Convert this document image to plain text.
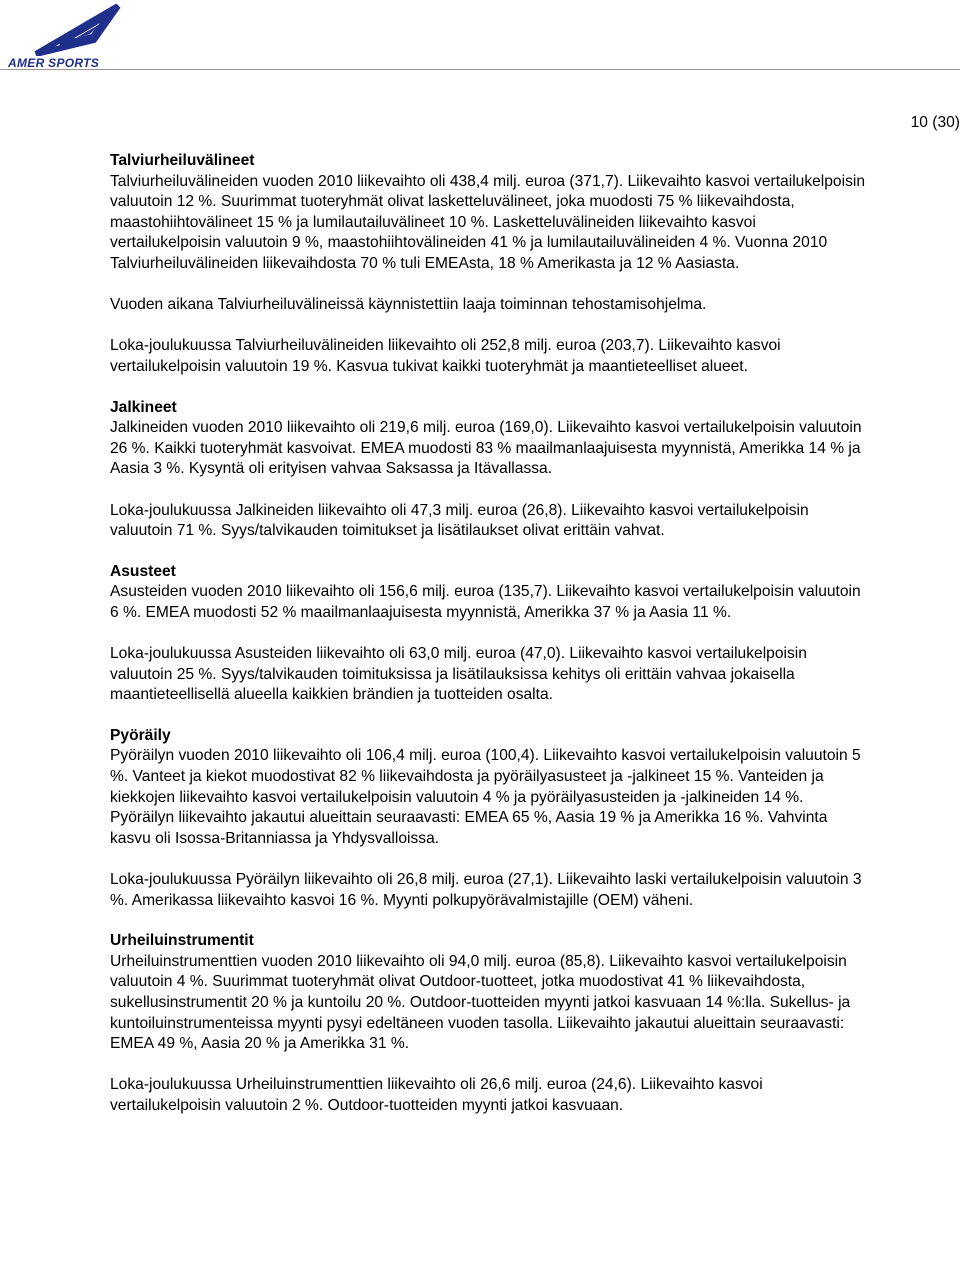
AMER SPORTS
10 (30)
Talviurheiluvälineet

Talviurheiluvälineiden vuoden 2010 liikevaihto oli 438,4 milj. euroa (371,7). Liikevaihto kasvoi vertailukelpoisin valuutoin 12 %. Suurimmat tuoteryhmät olivat lasketteluvälineet, joka muodosti 75 % liikevaihdosta, maastohiihtovälineet 15 % ja lumilautailuvälineet 10 %. Lasketteluvälineiden liikevaihto kasvoi vertailukelpoisin valuutoin 9 %, maastohiihtovälineiden 41 % ja lumilautailuvälineiden 4 %. Vuonna 2010 Talviurheiluvälineiden liikevaihdosta 70 % tuli EMEAsta, 18 % Amerikasta ja 12 % Aasiasta.

Vuoden aikana Talviurheiluvälineissä käynnistettiin laaja toiminnan tehostamisohjelma.

Loka-joulukuussa Talviurheiluvälineiden liikevaihto oli 252,8 milj. euroa (203,7). Liikevaihto kasvoi vertailukelpoisin valuutoin 19 %. Kasvua tukivat kaikki tuoteryhmät ja maantieteelliset alueet.

Jalkineet

Jalkineiden vuoden 2010 liikevaihto oli 219,6 milj. euroa (169,0). Liikevaihto kasvoi vertailukelpoisin valuutoin 26 %. Kaikki tuoteryhmät kasvoivat. EMEA muodosti 83 % maailmanlaajuisesta myynnistä, Amerikka 14 % ja Aasia 3 %. Kysyntä oli erityisen vahvaa Saksassa ja Itävallassa.

Loka-joulukuussa Jalkineiden liikevaihto oli 47,3 milj. euroa (26,8). Liikevaihto kasvoi vertailukelpoisin valuutoin 71 %. Syys/talvikauden toimitukset ja lisätilaukset olivat erittäin vahvat.

Asusteet

Asusteiden vuoden 2010 liikevaihto oli 156,6 milj. euroa (135,7). Liikevaihto kasvoi vertailukelpoisin valuutoin 6 %. EMEA muodosti 52 % maailmanlaajuisesta myynnistä, Amerikka 37 % ja Aasia 11 %.

Loka-joulukuussa Asusteiden liikevaihto oli 63,0 milj. euroa (47,0). Liikevaihto kasvoi vertailukelpoisin valuutoin 25 %. Syys/talvikauden toimituksissa ja lisätilauksissa kehitys oli erittäin vahvaa jokaisella maantieteellisellä alueella kaikkien brändien ja tuotteiden osalta.

Pyöräily

Pyöräilyn vuoden 2010 liikevaihto oli 106,4 milj. euroa (100,4). Liikevaihto kasvoi vertailukelpoisin valuutoin 5 %. Vanteet ja kiekot muodostivat 82 % liikevaihdosta ja pyöräilyasusteet ja -jalkineet 15 %. Vanteiden ja kiekkojen liikevaihto kasvoi vertailukelpoisin valuutoin 4 % ja pyöräilyasusteiden ja -jalkineiden 14 %. Pyöräilyn liikevaihto jakautui alueittain seuraavasti: EMEA 65 %, Aasia 19 % ja Amerikka 16 %. Vahvinta kasvu oli Isossa-Britanniassa ja Yhdysvalloissa.

Loka-joulukuussa Pyöräilyn liikevaihto oli 26,8 milj. euroa (27,1). Liikevaihto laski vertailukelpoisin valuutoin 3 %. Amerikassa liikevaihto kasvoi 16 %. Myynti polkupyörävalmistajille (OEM) väheni.

Urheiluinstrumentit

Urheiluinstrumenttien vuoden 2010 liikevaihto oli 94,0 milj. euroa (85,8). Liikevaihto kasvoi vertailukelpoisin valuutoin 4 %. Suurimmat tuoteryhmät olivat Outdoor-tuotteet, jotka muodostivat 41 % liikevaihdosta, sukellusinstrumentit 20 % ja kuntoilu 20 %. Outdoor-tuotteiden myynti jatkoi kasvuaan 14 %:lla. Sukellus- ja kuntoiluinstrumenteissa myynti pysyi edeltäneen vuoden tasolla. Liikevaihto jakautui alueittain seuraavasti: EMEA 49 %, Aasia 20 % ja Amerikka 31 %.

Loka-joulukuussa Urheiluinstrumenttien liikevaihto oli 26,6 milj. euroa (24,6). Liikevaihto kasvoi vertailukelpoisin valuutoin 2 %. Outdoor-tuotteiden myynti jatkoi kasvuaan.
